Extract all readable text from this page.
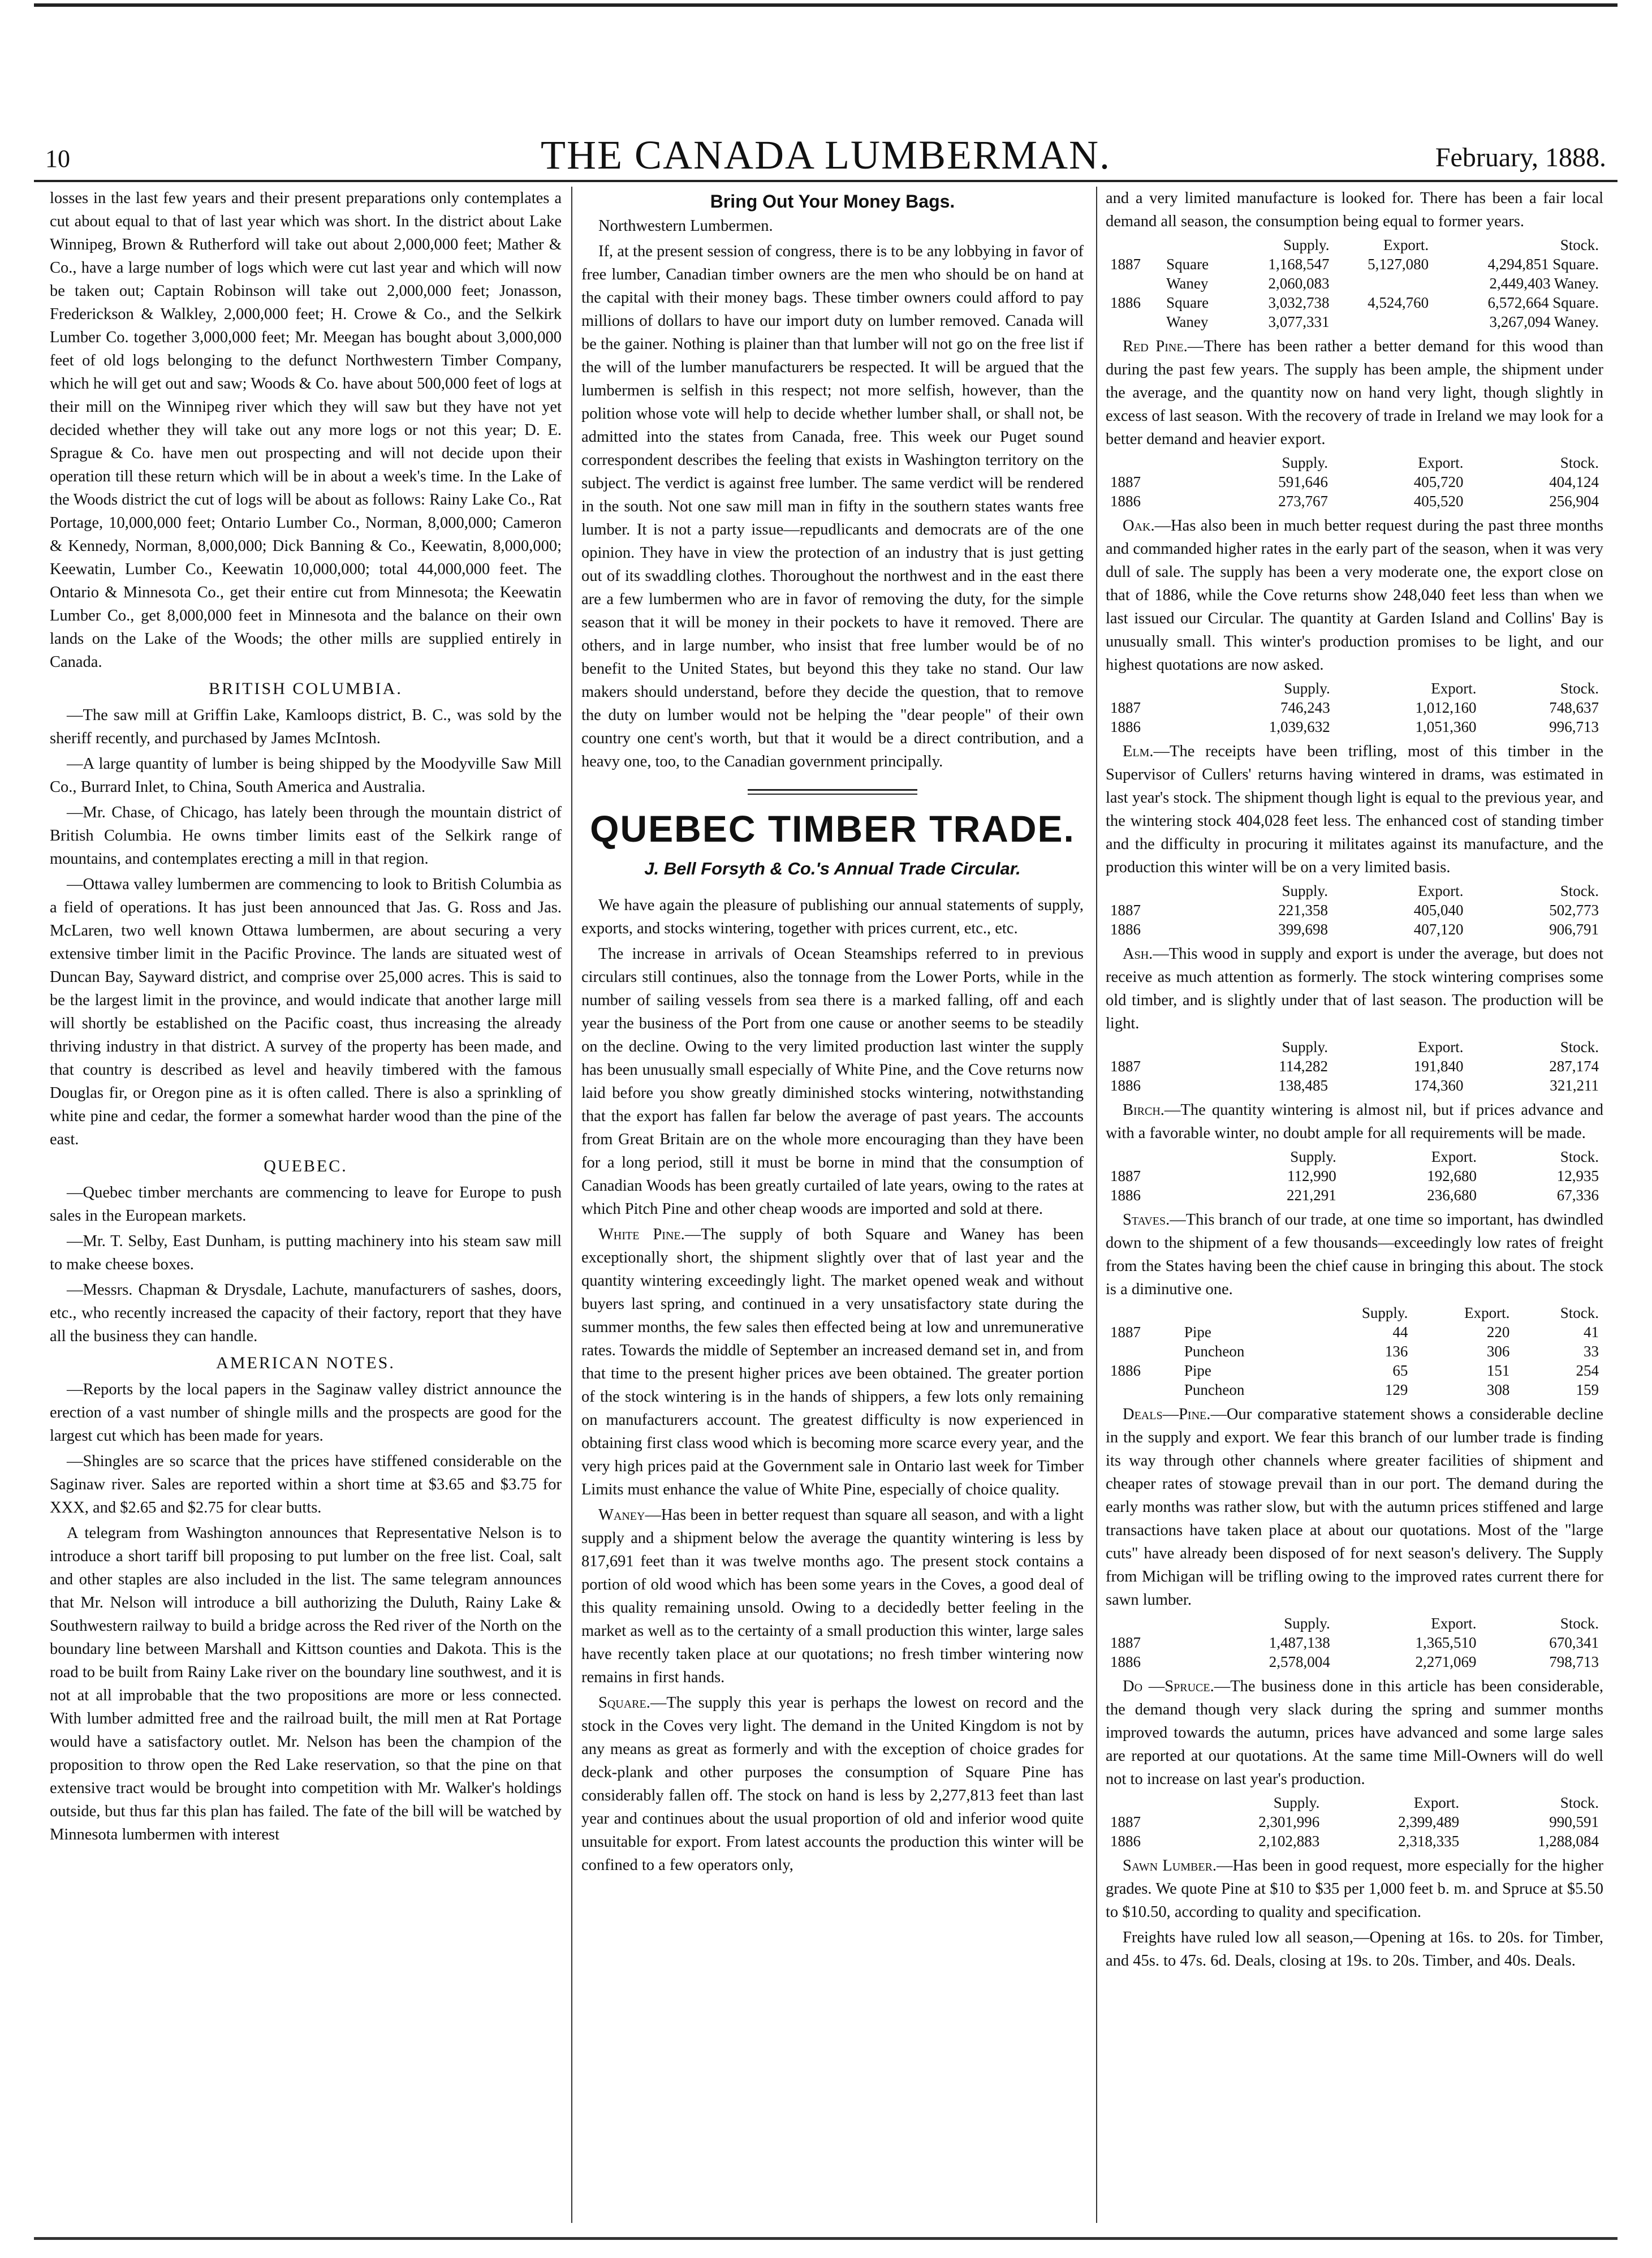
10	THE CANADA LUMBERMAN.	February, 1888.

losses in the last few years and their present preparations only contemplates a cut about equal to that of last year which was short. In the district about Lake Winnipeg, Brown & Rutherford will take out about 2,000,000 feet; Mather & Co., have a large number of logs which were cut last year and which will now be taken out; Captain Robinson will take out 2,000,000 feet; Jonasson, Frederickson & Walkley, 2,000,000 feet; H. Crowe & Co., and the Selkirk Lumber Co. together 3,000,000 feet; Mr. Meegan has bought about 3,000,000 feet of old logs belonging to the defunct Northwestern Timber Company, which he will get out and saw; Woods & Co. have about 500,000 feet of logs at their mill on the Winnipeg river which they will saw but they have not yet decided whether they will take out any more logs or not this year; D. E. Sprague & Co. have men out prospecting and will not decide upon their operation till these return which will be in about a week's time. In the Lake of the Woods district the cut of logs will be about as follows: Rainy Lake Co., Rat Portage, 10,000,000 feet; Ontario Lumber Co., Norman, 8,000,000; Cameron & Kennedy, Norman, 8,000,000; Dick Banning & Co., Keewatin, 8,000,000; Keewatin, Lumber Co., Keewatin 10,000,000; total 44,000,000 feet. The Ontario & Minnesota Co., get their entire cut from Minnesota; the Keewatin Lumber Co., get 8,000,000 feet in Minnesota and the balance on their own lands on the Lake of the Woods; the other mills are supplied entirely in Canada.

BRITISH COLUMBIA.

—The saw mill at Griffin Lake, Kamloops district, B. C., was sold by the sheriff recently, and purchased by James McIntosh.

—A large quantity of lumber is being shipped by the Moodyville Saw Mill Co., Burrard Inlet, to China, South America and Australia.

—Mr. Chase, of Chicago, has lately been through the mountain district of British Columbia. He owns timber limits east of the Selkirk range of mountains, and contemplates erecting a mill in that region.

—Ottawa valley lumbermen are commencing to look to British Columbia as a field of operations. It has just been announced that Jas. G. Ross and Jas. McLaren, two well known Ottawa lumbermen, are about securing a very extensive timber limit in the Pacific Province. The lands are situated west of Duncan Bay, Sayward district, and comprise over 25,000 acres. This is said to be the largest limit in the province, and would indicate that another large mill will shortly be established on the Pacific coast, thus increasing the already thriving industry in that district. A survey of the property has been made, and that country is described as level and heavily timbered with the famous Douglas fir, or Oregon pine as it is often called. There is also a sprinkling of white pine and cedar, the former a somewhat harder wood than the pine of the east.

QUEBEC.

—Quebec timber merchants are commencing to leave for Europe to push sales in the European markets.

—Mr. T. Selby, East Dunham, is putting machinery into his steam saw mill to make cheese boxes.

—Messrs. Chapman & Drysdale, Lachute, manufacturers of sashes, doors, etc., who recently increased the capacity of their factory, report that they have all the business they can handle.

AMERICAN NOTES.

—Reports by the local papers in the Saginaw valley district announce the erection of a vast number of shingle mills and the prospects are good for the largest cut which has been made for years.

—Shingles are so scarce that the prices have stiffened considerable on the Saginaw river. Sales are reported within a short time at $3.65 and $3.75 for XXX, and $2.65 and $2.75 for clear butts.

A telegram from Washington announces that Representative Nelson is to introduce a short tariff bill proposing to put lumber on the free list. Coal, salt and other staples are also included in the list. The same telegram announces that Mr. Nelson will introduce a bill authorizing the Duluth, Rainy Lake & Southwestern railway to build a bridge across the Red river of the North on the boundary line between Marshall and Kittson counties and Dakota. This is the road to be built from Rainy Lake river on the boundary line southwest, and it is not at all improbable that the two propositions are more or less connected. With lumber admitted free and the railroad built, the mill men at Rat Portage would have a satisfactory outlet. Mr. Nelson has been the champion of the proposition to throw open the Red Lake reservation, so that the pine on that extensive tract would be brought into competition with Mr. Walker's holdings outside, but thus far this plan has failed. The fate of the bill will be watched by Minnesota lumbermen with interest

Bring Out Your Money Bags.

Northwestern Lumbermen.

If, at the present session of congress, there is to be any lobbying in favor of free lumber, Canadian timber owners are the men who should be on hand at the capital with their money bags. These timber owners could afford to pay millions of dollars to have our import duty on lumber removed. Canada will be the gainer. Nothing is plainer than that lumber will not go on the free list if the will of the lumber manufacturers be respected. It will be argued that the lumbermen is selfish in this respect; not more selfish, however, than the polition whose vote will help to decide whether lumber shall, or shall not, be admitted into the states from Canada, free. This week our Puget sound correspondent describes the feeling that exists in Washington territory on the subject. The verdict is against free lumber. The same verdict will be rendered in the south. Not one saw mill man in fifty in the southern states wants free lumber. It is not a party issue—repudlicants and democrats are of the one opinion. They have in view the protection of an industry that is just getting out of its swaddling clothes. Thoroughout the northwest and in the east there are a few lumbermen who are in favor of removing the duty, for the simple season that it will be money in their pockets to have it removed. There are others, and in large number, who insist that free lumber would be of no benefit to the United States, but beyond this they take no stand. Our law makers should understand, before they decide the question, that to remove the duty on lumber would not be helping the "dear people" of their own country one cent's worth, but that it would be a direct contribution, and a heavy one, too, to the Canadian government principally.

QUEBEC TIMBER TRADE.
J. Bell Forsyth & Co.'s Annual Trade Circular.

We have again the pleasure of publishing our annual statements of supply, exports, and stocks wintering, together with prices current, etc., etc.

The increase in arrivals of Ocean Steamships referred to in previous circulars still continues, also the tonnage from the Lower Ports, while in the number of sailing vessels from sea there is a marked falling, off and each year the business of the Port from one cause or another seems to be steadily on the decline. Owing to the very limited production last winter the supply has been unusually small especially of White Pine, and the Cove returns now laid before you show greatly diminished stocks wintering, notwithstanding that the export has fallen far below the average of past years. The accounts from Great Britain are on the whole more encouraging than they have been for a long period, still it must be borne in mind that the consumption of Canadian Woods has been greatly curtailed of late years, owing to the rates at which Pitch Pine and other cheap woods are imported and sold at there.

White Pine.—The supply of both Square and Waney has been exceptionally short, the shipment slightly over that of last year and the quantity wintering exceedingly light. The market opened weak and without buyers last spring, and continued in a very unsatisfactory state during the summer months, the few sales then effected being at low and unremunerative rates. Towards the middle of September an increased demand set in, and from that time to the present higher prices ave been obtained. The greater portion of the stock wintering is in the hands of shippers, a few lots only remaining on manufacturers account. The greatest difficulty is now experienced in obtaining first class wood which is becoming more scarce every year, and the very high prices paid at the Government sale in Ontario last week for Timber Limits must enhance the value of White Pine, especially of choice quality.

Waney—Has been in better request than square all season, and with a light supply and a shipment below the average the quantity wintering is less by 817,691 feet than it was twelve months ago. The present stock contains a portion of old wood which has been some years in the Coves, a good deal of this quality remaining unsold. Owing to a decidedly better feeling in the market as well as to the certainty of a small production this winter, large sales have recently taken place at our quotations; no fresh timber wintering now remains in first hands.

Square.—The supply this year is perhaps the lowest on record and the stock in the Coves very light. The demand in the United Kingdom is not by any means as great as formerly and with the exception of choice grades for deck-plank and other purposes the consumption of Square Pine has considerably fallen off. The stock on hand is less by 2,277,813 feet than last year and continues about the usual proportion of old and inferior wood quite unsuitable for export. From latest accounts the production this winter will be confined to a few operators only,

and a very limited manufacture is looked for. There has been a fair local demand all season, the consumption being equal to former years.

		Supply.	Export.	Stock.
1887	Square	1,168,547	5,127,080	4,294,851 Square.
	Waney	2,060,083		2,449,403 Waney.
1886	Square	3,032,738	4,524,760	6,572,664 Square.
	Waney	3,077,331		3,267,094 Waney.

Red Pine.—There has been rather a better demand for this wood than during the past few years. The supply has been ample, the shipment under the average, and the quantity now on hand very light, though slightly in excess of last season. With the recovery of trade in Ireland we may look for a better demand and heavier export.

	Supply.	Export.	Stock.
1887	591,646	405,720	404,124
1886	273,767	405,520	256,904

Oak.—Has also been in much better request during the past three months and commanded higher rates in the early part of the season, when it was very dull of sale. The supply has been a very moderate one, the export close on that of 1886, while the Cove returns show 248,040 feet less than when we last issued our Circular. The quantity at Garden Island and Collins' Bay is unusually small. This winter's production promises to be light, and our highest quotations are now asked.

	Supply.	Export.	Stock.
1887	746,243	1,012,160	748,637
1886	1,039,632	1,051,360	996,713

Elm.—The receipts have been trifling, most of this timber in the Supervisor of Cullers' returns having wintered in drams, was estimated in last year's stock. The shipment though light is equal to the previous year, and the wintering stock 404,028 feet less. The enhanced cost of standing timber and the difficulty in procuring it militates against its manufacture, and the production this winter will be on a very limited basis.

	Supply.	Export.	Stock.
1887	221,358	405,040	502,773
1886	399,698	407,120	906,791

Ash.—This wood in supply and export is under the average, but does not receive as much attention as formerly. The stock wintering comprises some old timber, and is slightly under that of last season. The production will be light.

	Supply.	Export.	Stock.
1887	114,282	191,840	287,174
1886	138,485	174,360	321,211

Birch.—The quantity wintering is almost nil, but if prices advance and with a favorable winter, no doubt ample for all requirements will be made.

	Supply.	Export.	Stock.
1887	112,990	192,680	12,935
1886	221,291	236,680	67,336

Staves.—This branch of our trade, at one time so important, has dwindled down to the shipment of a few thousands—exceedingly low rates of freight from the States having been the chief cause in bringing this about. The stock is a diminutive one.

		Supply.	Export.	Stock.
1887	Pipe	44	220	41
	Puncheon	136	306	33
1886	Pipe	65	151	254
	Puncheon	129	308	159

Deals—Pine.—Our comparative statement shows a considerable decline in the supply and export. We fear this branch of our lumber trade is finding its way through other channels where greater facilities of shipment and cheaper rates of stowage prevail than in our port. The demand during the early months was rather slow, but with the autumn prices stiffened and large transactions have taken place at about our quotations. Most of the "large cuts" have already been disposed of for next season's delivery. The Supply from Michigan will be trifling owing to the improved rates current there for sawn lumber.

	Supply.	Export.	Stock.
1887	1,487,138	1,365,510	670,341
1886	2,578,004	2,271,069	798,713

Do —Spruce.—The business done in this article has been considerable, the demand though very slack during the spring and summer months improved towards the autumn, prices have advanced and some large sales are reported at our quotations. At the same time Mill-Owners will do well not to increase on last year's production.

	Supply.	Export.	Stock.
1887	2,301,996	2,399,489	990,591
1886	2,102,883	2,318,335	1,288,084

Sawn Lumber.—Has been in good request, more especially for the higher grades. We quote Pine at $10 to $35 per 1,000 feet b. m. and Spruce at $5.50 to $10.50, according to quality and specification.

Freights have ruled low all season,—Opening at 16s. to 20s. for Timber, and 45s. to 47s. 6d. Deals, closing at 19s. to 20s. Timber, and 40s. Deals.
